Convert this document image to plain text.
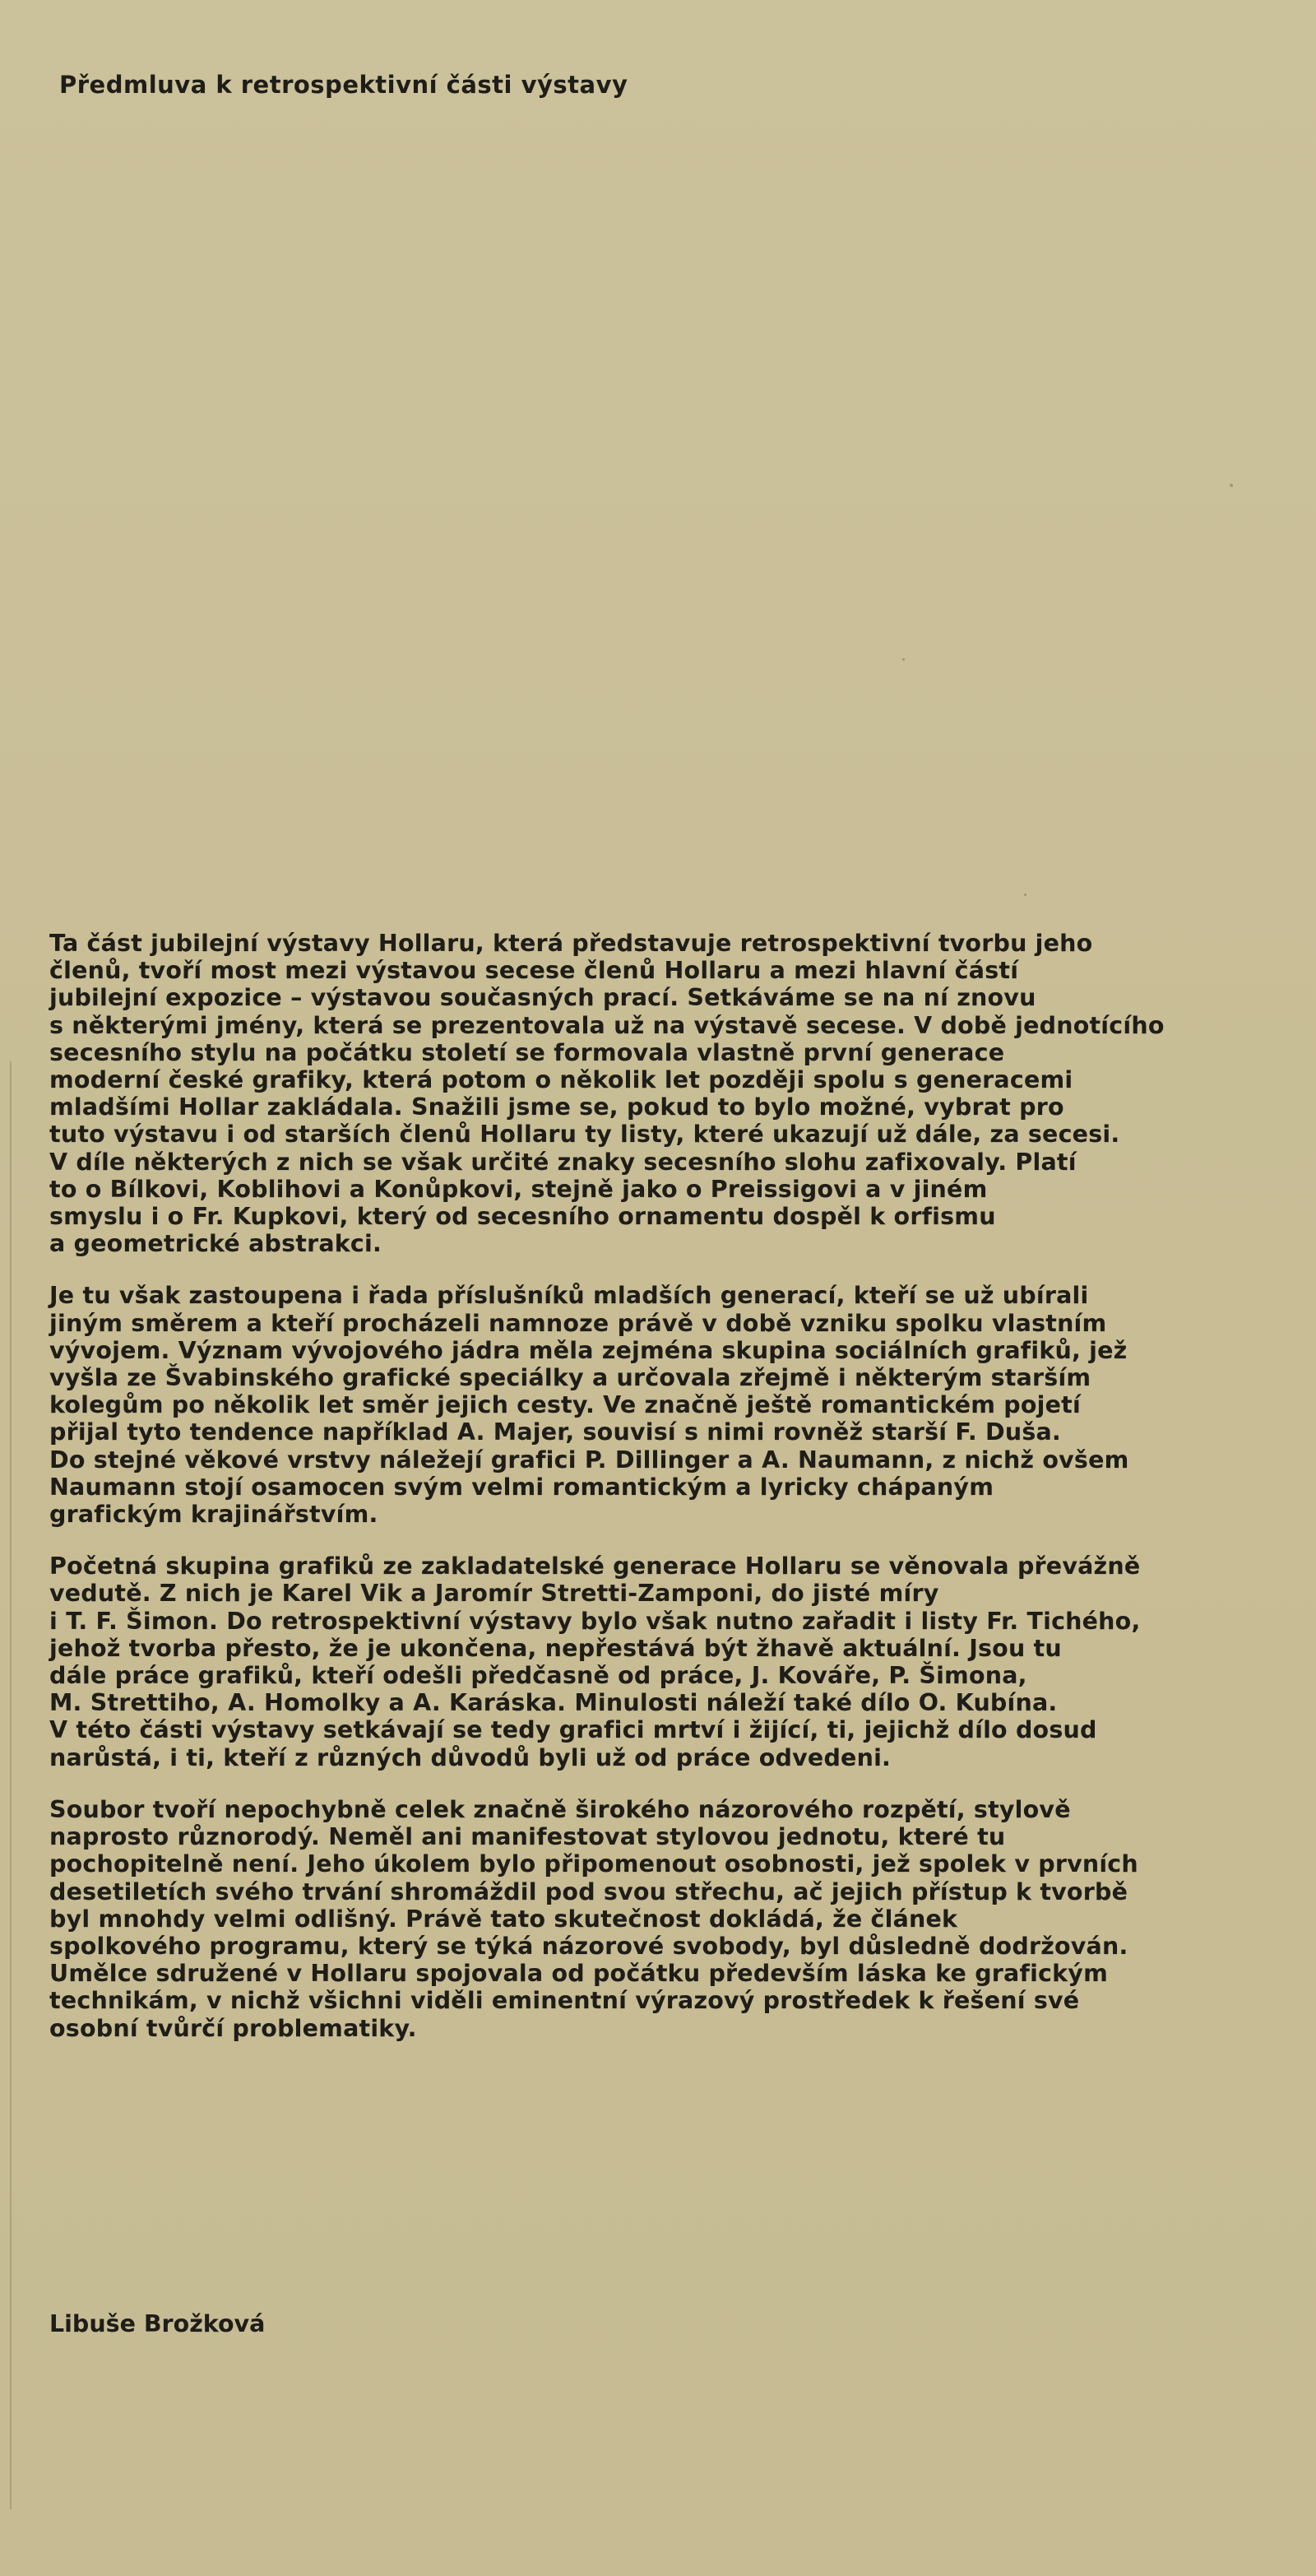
Předmluva k retrospektivní části výstavy

Ta část jubilejní výstavy Hollaru, která představuje retrospektivní tvorbu jeho
členů, tvoří most mezi výstavou secese členů Hollaru a mezi hlavní částí
jubilejní expozice – výstavou současných prací. Setkáváme se na ní znovu
s některými jmény, která se prezentovala už na výstavě secese. V době jednotícího
secesního stylu na počátku století se formovala vlastně první generace
moderní české grafiky, která potom o několik let později spolu s generacemi
mladšími Hollar zakládala. Snažili jsme se, pokud to bylo možné, vybrat pro
tuto výstavu i od starších členů Hollaru ty listy, které ukazují už dále, za secesi.
V díle některých z nich se však určité znaky secesního slohu zafixovaly. Platí
to o Bílkovi, Koblihovi a Konůpkovi, stejně jako o Preissigovi a v jiném
smyslu i o Fr. Kupkovi, který od secesního ornamentu dospěl k orfismu
a geometrické abstrakci.

Je tu však zastoupena i řada příslušníků mladších generací, kteří se už ubírali
jiným směrem a kteří procházeli namnoze právě v době vzniku spolku vlastním
vývojem. Význam vývojového jádra měla zejména skupina sociálních grafiků, jež
vyšla ze Švabinského grafické speciálky a určovala zřejmě i některým starším
kolegům po několik let směr jejich cesty. Ve značně ještě romantickém pojetí
přijal tyto tendence například A. Majer, souvisí s nimi rovněž starší F. Duša.
Do stejné věkové vrstvy náležejí grafici P. Dillinger a A. Naumann, z nichž ovšem
Naumann stojí osamocen svým velmi romantickým a lyricky chápaným
grafickým krajinářstvím.

Početná skupina grafiků ze zakladatelské generace Hollaru se věnovala převážně
vedutě. Z nich je Karel Vik a Jaromír Stretti-Zamponi, do jisté míry
i T. F. Šimon. Do retrospektivní výstavy bylo však nutno zařadit i listy Fr. Tichého,
jehož tvorba přesto, že je ukončena, nepřestává být žhavě aktuální. Jsou tu
dále práce grafiků, kteří odešli předčasně od práce, J. Kováře, P. Šimona,
M. Strettiho, A. Homolky a A. Karáska. Minulosti náleží také dílo O. Kubína.
V této části výstavy setkávají se tedy grafici mrtví i žijící, ti, jejichž dílo dosud
narůstá, i ti, kteří z různých důvodů byli už od práce odvedeni.

Soubor tvoří nepochybně celek značně širokého názorového rozpětí, stylově
naprosto různorodý. Neměl ani manifestovat stylovou jednotu, které tu
pochopitelně není. Jeho úkolem bylo připomenout osobnosti, jež spolek v prvních
desetiletích svého trvání shromáždil pod svou střechu, ač jejich přístup k tvorbě
byl mnohdy velmi odlišný. Právě tato skutečnost dokládá, že článek
spolkového programu, který se týká názorové svobody, byl důsledně dodržován.
Umělce sdružené v Hollaru spojovala od počátku především láska ke grafickým
technikám, v nichž všichni viděli eminentní výrazový prostředek k řešení své
osobní tvůrčí problematiky.

Libuše Brožková
